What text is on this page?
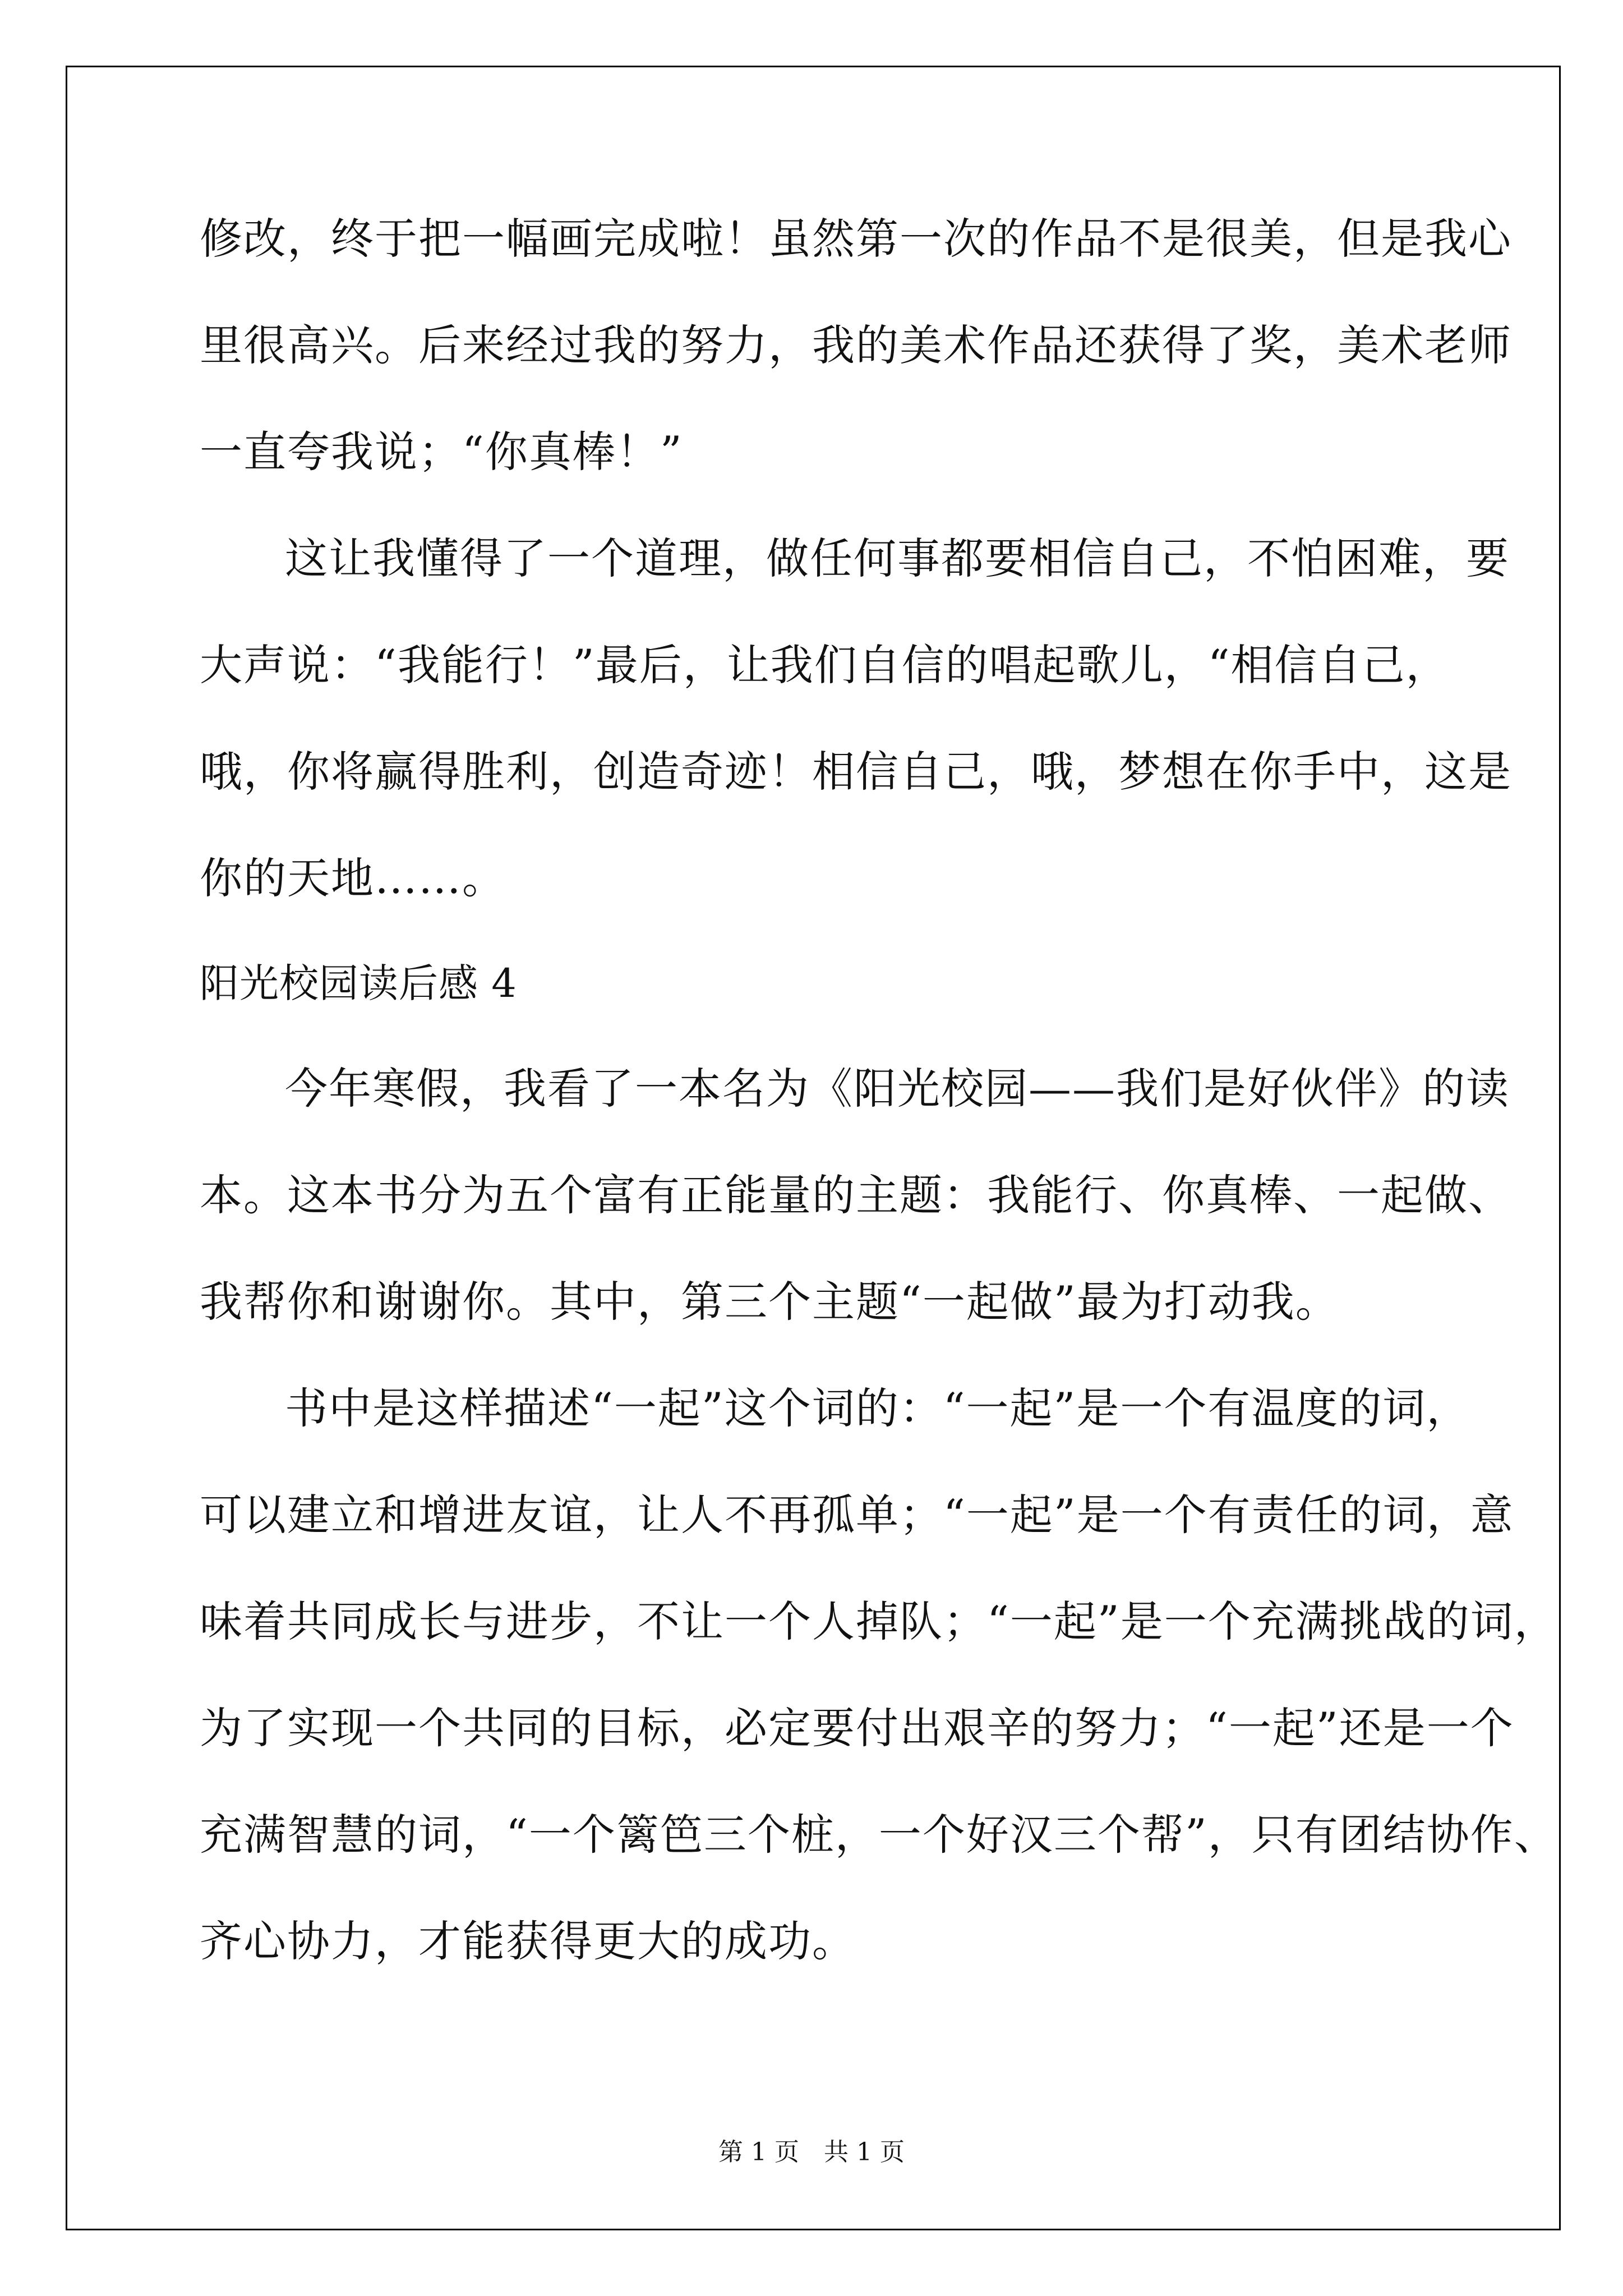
修改，终于把一幅画完成啦！虽然第一次的作品不是很美，但是我心
里很高兴。后来经过我的努力，我的美术作品还获得了奖，美术老师
一直夸我说；“你真棒！”
这让我懂得了一个道理，做任何事都要相信自己，不怕困难，要
大声说：“我能行！”最后，让我们自信的唱起歌儿，“相信自己，
哦，你将赢得胜利，创造奇迹！相信自己，哦，梦想在你手中，这是
你的天地……。
阳光校园读后感 4
今年寒假，我看了一本名为《阳光校园——我们是好伙伴》的读
本。这本书分为五个富有正能量的主题：我能行、你真棒、一起做、
我帮你和谢谢你。其中，第三个主题“一起做”最为打动我。
书中是这样描述“一起”这个词的：“一起”是一个有温度的词，
可以建立和增进友谊，让人不再孤单；“一起”是一个有责任的词，意
味着共同成长与进步，不让一个人掉队；“一起”是一个充满挑战的词，
为了实现一个共同的目标，必定要付出艰辛的努力；“一起”还是一个
充满智慧的词，“一个篱笆三个桩，一个好汉三个帮”，只有团结协作、
齐心协力，才能获得更大的成功。
第 1 页　共 1 页
